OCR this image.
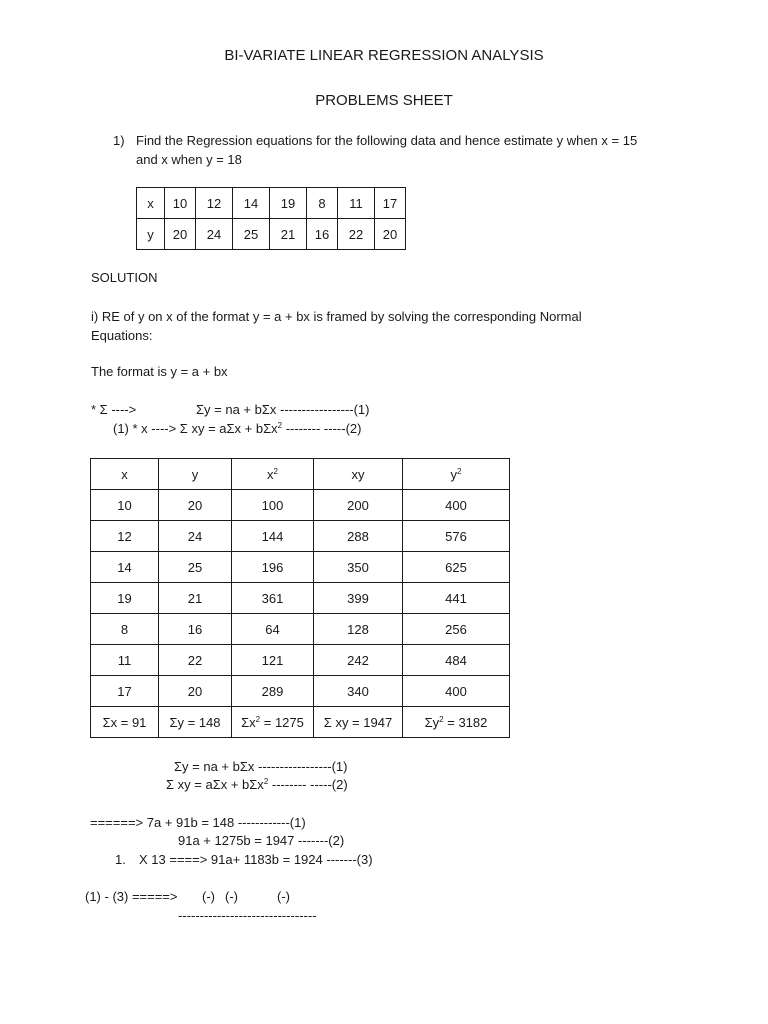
BI-VARIATE LINEAR REGRESSION ANALYSIS
PROBLEMS SHEET
1) Find the Regression equations for the following data and hence estimate y when x = 15
and x when y = 18
x	10	12	14	19	8	11	17
y	20	24	25	21	16	22	20
SOLUTION
i) RE of y on x of the format y = a + bx is framed by solving the corresponding Normal
Equations:
The format is y = a + bx
* Σ ---->	Σy = na + bΣx -----------------(1)
(1) * x ----> Σ xy = aΣx + bΣx$^2$ -------- -----(2)
x	y	$x^2$	xy	$y^2$
10	20	100	200	400
12	24	144	288	576
14	25	196	350	625
19	21	361	399	441
8	16	64	128	256
11	22	121	242	484
17	20	289	340	400
Σx = 91	Σy = 148	$\Sigma x^2 = 1275$	Σ xy = 1947	$\Sigma y^2 = 3182$
Σy = na + bΣx -----------------(1)
Σ xy = aΣx + bΣx$^2$ -------- -----(2)
======> 7a + 91b = 148 ------------(1)
91a + 1275b = 1947 -------(2)
1. X 13 ====> 91a+ 1183b = 1924 -------(3)
(1) - (3) =====> (-) (-)	(-)
--------------------------------
